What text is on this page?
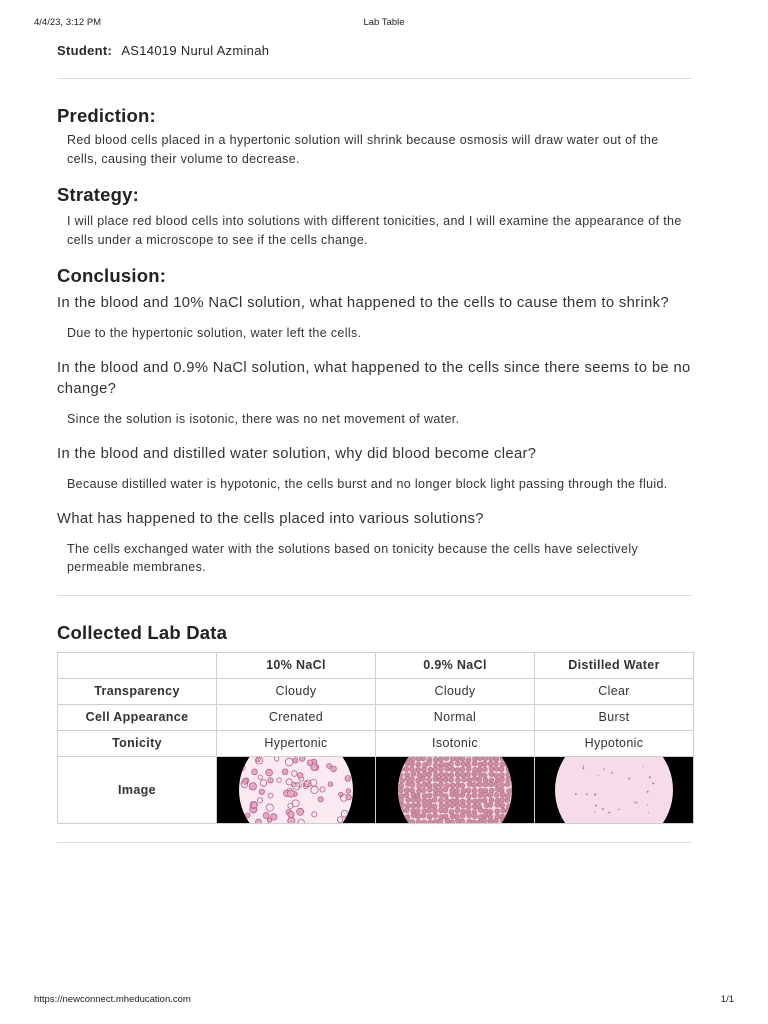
4/4/23, 3:12 PM	Lab Table
Student: AS14019 Nurul Azminah
Prediction:

Red blood cells placed in a hypertonic solution will shrink because osmosis will draw water out of the cells, causing their volume to decrease.

Strategy:

I will place red blood cells into solutions with different tonicities, and I will examine the appearance of the cells under a microscope to see if the cells change.

Conclusion:

In the blood and 10% NaCl solution, what happened to the cells to cause them to shrink?

Due to the hypertonic solution, water left the cells.

In the blood and 0.9% NaCl solution, what happened to the cells since there seems to be no change?

Since the solution is isotonic, there was no net movement of water.

In the blood and distilled water solution, why did blood become clear?

Because distilled water is hypotonic, the cells burst and no longer block light passing through the fluid.

What has happened to the cells placed into various solutions?

The cells exchanged water with the solutions based on tonicity because the cells have selectively permeable membranes.

Collected Lab Data
	10% NaCl	0.9% NaCl	Distilled Water
Transparency	Cloudy	Cloudy	Clear
Cell Appearance	Crenated	Normal	Burst
Tonicity	Hypertonic	Isotonic	Hypotonic
Image	

https://newconnect.mheducation.com	1/1
